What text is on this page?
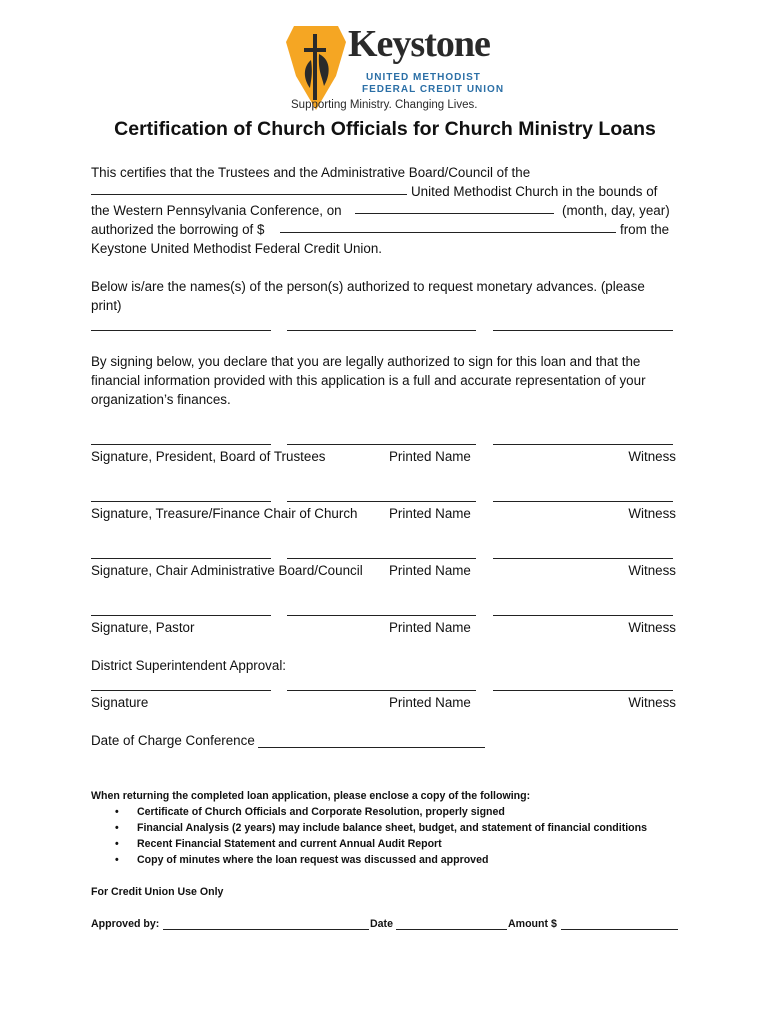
Keystone
UNITED METHODIST
FEDERAL CREDIT UNION
Supporting Ministry. Changing Lives.
Certification of Church Officials for Church Ministry Loans
This certifies that the Trustees and the Administrative Board/Council of the
United Methodist Church in the bounds of
the Western Pennsylvania Conference, on	(month, day, year)
authorized the borrowing of $	from the
Keystone United Methodist Federal Credit Union.
Below is/are the names(s) of the person(s) authorized to request monetary advances. (please
print)
By signing below, you declare that you are legally authorized to sign for this loan and that the
financial information provided with this application is a full and accurate representation of your
organization’s finances.
Signature, President, Board of Trustees	Printed Name	Witness
Signature, Treasure/Finance Chair of Church Printed Name	Witness
Signature, Chair Administrative Board/Council Printed Name	Witness
Signature, Pastor	Printed Name	Witness
District Superintendent Approval:
Signature	Printed Name	Witness
Date of Charge Conference
When returning the completed loan application, please enclose a copy of the following:
• Certificate of Church Officials and Corporate Resolution, properly signed
• Financial Analysis (2 years) may include balance sheet, budget, and statement of financial conditions
• Recent Financial Statement and current Annual Audit Report
• Copy of minutes where the loan request was discussed and approved
For Credit Union Use Only
Approved by:	Date	Amount $
